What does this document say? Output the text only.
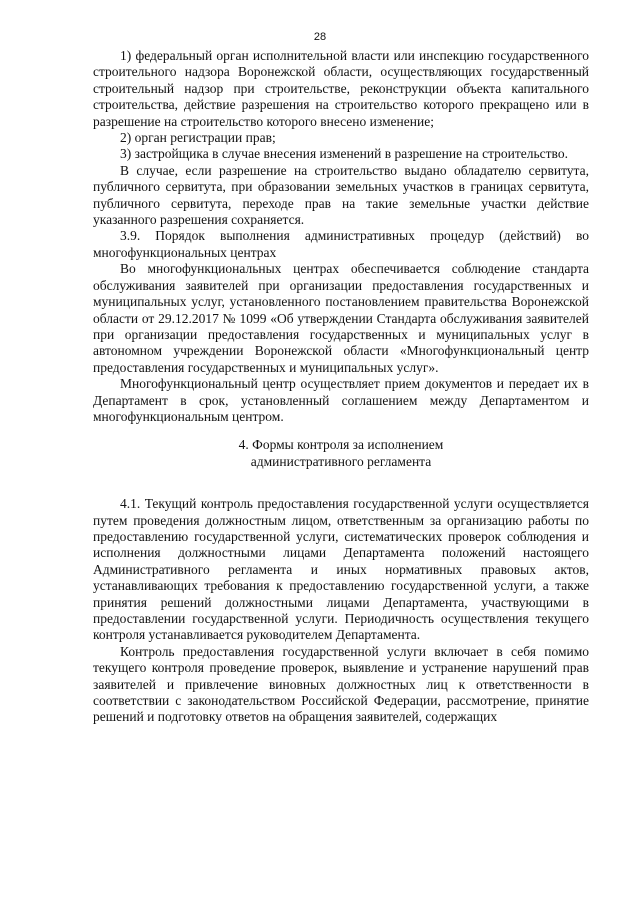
28

1) федеральный орган исполнительной власти или инспекцию государственного строительного надзора Воронежской области, осуществляющих государственный строительный надзор при строительстве, реконструкции объекта капитального строительства, действие разрешения на строительство которого прекращено или в разрешение на строительство которого внесено изменение;

2) орган регистрации прав;

3) застройщика в случае внесения изменений в разрешение на строительство.

В случае, если разрешение на строительство выдано обладателю сервитута, публичного сервитута, при образовании земельных участков в границах сервитута, публичного сервитута, переходе прав на такие земельные участки действие указанного разрешения сохраняется.

3.9. Порядок выполнения административных процедур (действий) во многофункциональных центрах

Во многофункциональных центрах обеспечивается соблюдение стандарта обслуживания заявителей при организации предоставления государственных и муниципальных услуг, установленного постановлением правительства Воронежской области от 29.12.2017 № 1099 «Об утверждении Стандарта обслуживания заявителей при организации предоставления государственных и муниципальных услуг в автономном учреждении Воронежской области «Многофункциональный центр предоставления государственных и муниципальных услуг».

Многофункциональный центр осуществляет прием документов и передает их в Департамент в срок, установленный соглашением между Департаментом и многофункциональным центром.

4. Формы контроля за исполнением
административного регламента

4.1. Текущий контроль предоставления государственной услуги осуществляется путем проведения должностным лицом, ответственным за организацию работы по предоставлению государственной услуги, систематических проверок соблюдения и исполнения должностными лицами Департамента положений настоящего Административного регламента и иных нормативных правовых актов, устанавливающих требования к предоставлению государственной услуги, а также принятия решений должностными лицами Департамента, участвующими в предоставлении государственной услуги. Периодичность осуществления текущего контроля устанавливается руководителем Департамента.

Контроль предоставления государственной услуги включает в себя помимо текущего контроля проведение проверок, выявление и устранение нарушений прав заявителей и привлечение виновных должностных лиц к ответственности в соответствии с законодательством Российской Федерации, рассмотрение, принятие решений и подготовку ответов на обращения заявителей, содержащих
